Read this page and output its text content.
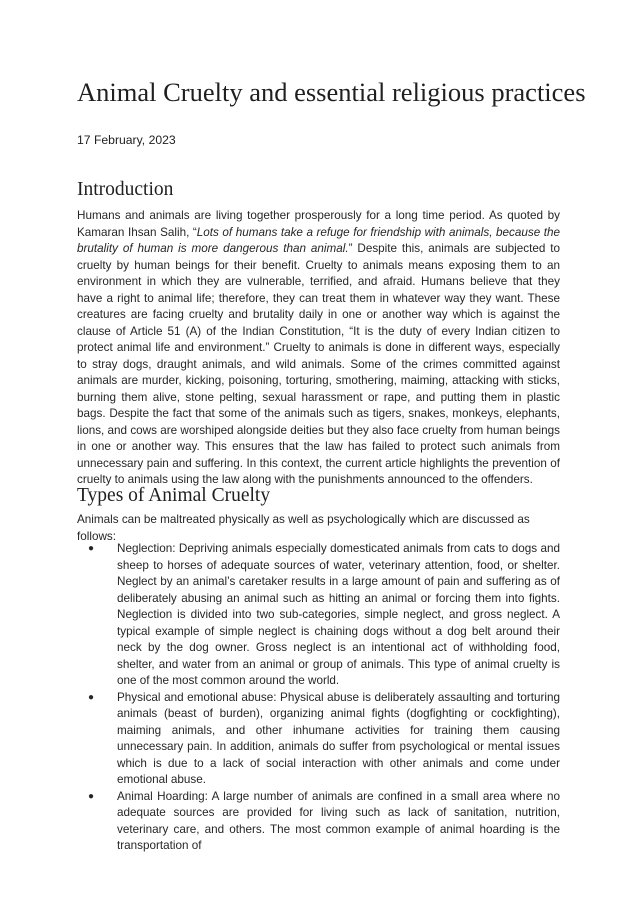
Animal Cruelty and essential religious practices

17 February, 2023

Introduction

Humans and animals are living together prosperously for a long time period. As quoted by Kamaran Ihsan Salih, “Lots of humans take a refuge for friendship with animals, because the brutality of human is more dangerous than animal.” Despite this, animals are subjected to cruelty by human beings for their benefit. Cruelty to animals means exposing them to an environment in which they are vulnerable, terrified, and afraid. Humans believe that they have a right to animal life; therefore, they can treat them in whatever way they want. These creatures are facing cruelty and brutality daily in one or another way which is against the clause of Article 51 (A) of the Indian Constitution, “It is the duty of every Indian citizen to protect animal life and environment.” Cruelty to animals is done in different ways, especially to stray dogs, draught animals, and wild animals. Some of the crimes committed against animals are murder, kicking, poisoning, torturing, smothering, maiming, attacking with sticks, burning them alive, stone pelting, sexual harassment or rape, and putting them in plastic bags. Despite the fact that some of the animals such as tigers, snakes, monkeys, elephants, lions, and cows are worshiped alongside deities but they also face cruelty from human beings in one or another way. This ensures that the law has failed to protect such animals from unnecessary pain and suffering. In this context, the current article highlights the prevention of cruelty to animals using the law along with the punishments announced to the offenders.

Types of Animal Cruelty

Animals can be maltreated physically as well as psychologically which are discussed as follows:

● Neglection: Depriving animals especially domesticated animals from cats to dogs and sheep to horses of adequate sources of water, veterinary attention, food, or shelter. Neglect by an animal’s caretaker results in a large amount of pain and suffering as of deliberately abusing an animal such as hitting an animal or forcing them into fights. Neglection is divided into two sub-categories, simple neglect, and gross neglect. A typical example of simple neglect is chaining dogs without a dog belt around their neck by the dog owner. Gross neglect is an intentional act of withholding food, shelter, and water from an animal or group of animals. This type of animal cruelty is one of the most common around the world.
● Physical and emotional abuse: Physical abuse is deliberately assaulting and torturing animals (beast of burden), organizing animal fights (dogfighting or cockfighting), maiming animals, and other inhumane activities for training them causing unnecessary pain. In addition, animals do suffer from psychological or mental issues which is due to a lack of social interaction with other animals and come under emotional abuse.
● Animal Hoarding: A large number of animals are confined in a small area where no adequate sources are provided for living such as lack of sanitation, nutrition, veterinary care, and others. The most common example of animal hoarding is the transportation of
